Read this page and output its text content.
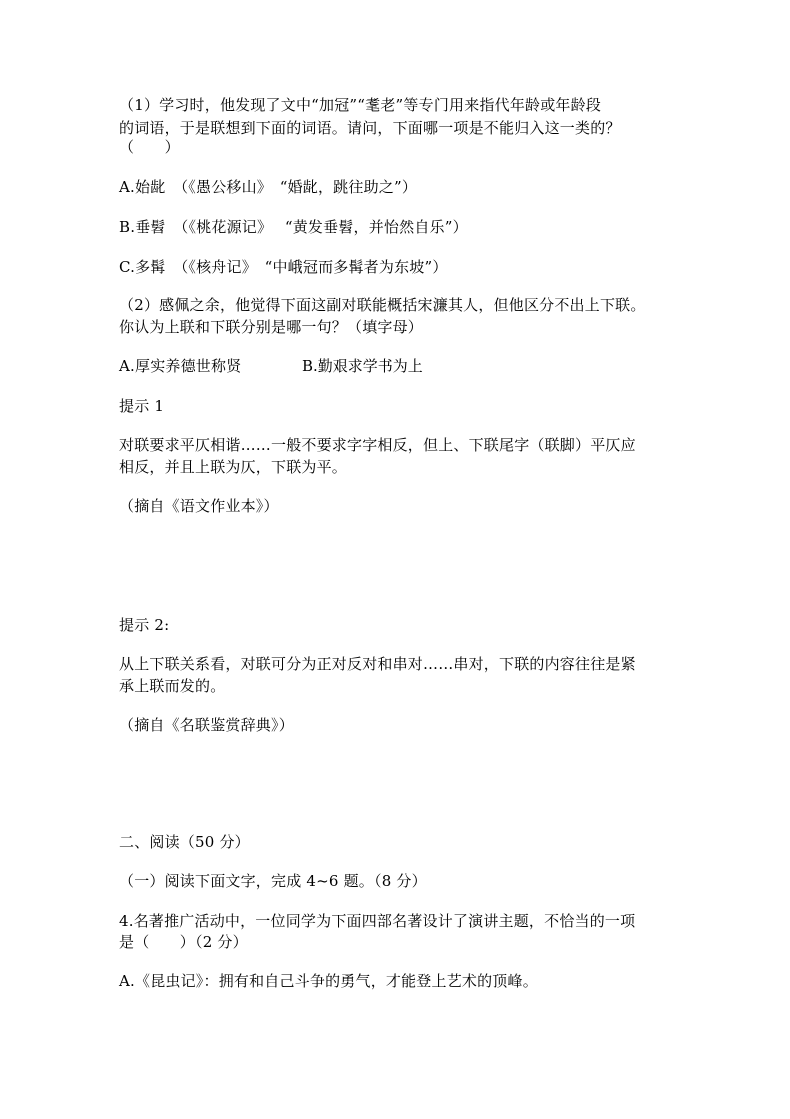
（1）学习时，他发现了文中“加冠”“耄老”等专门用来指代年龄或年龄段
的词语，于是联想到下面的词语。请问，下面哪一项是不能归入这一类的？
（　　）
A.始龀　（《愚公移山》　“婚龀，跳往助之”）
B.垂髫　（《桃花源记》　 “黄发垂髫，并怡然自乐”）
C.多髯　（《核舟记》　“中峨冠而多髯者为东坡”）
（2）感佩之余，他觉得下面这副对联能概括宋濂其人，但他区分不出上下联。
你认为上联和下联分别是哪一句？（填字母）
A.厚实养德世称贤	B.勤艰求学书为上
提示 1
对联要求平仄相谐……一般不要求字字相反，但上、下联尾字（联脚）平仄应
相反，并且上联为仄，下联为平。
（摘自《语文作业本》）
提示 2:
从上下联关系看，对联可分为正对反对和串对……串对，下联的内容往往是紧
承上联而发的。
（摘自《名联鉴赏辞典》）
二、阅读（50 分）
（一）阅读下面文字，完成 4~6 题。（8 分）
4.名著推广活动中，一位同学为下面四部名著设计了演讲主题，不恰当的一项
是（　　）（2 分）
A.《昆虫记》：拥有和自己斗争的勇气，才能登上艺术的顶峰。
